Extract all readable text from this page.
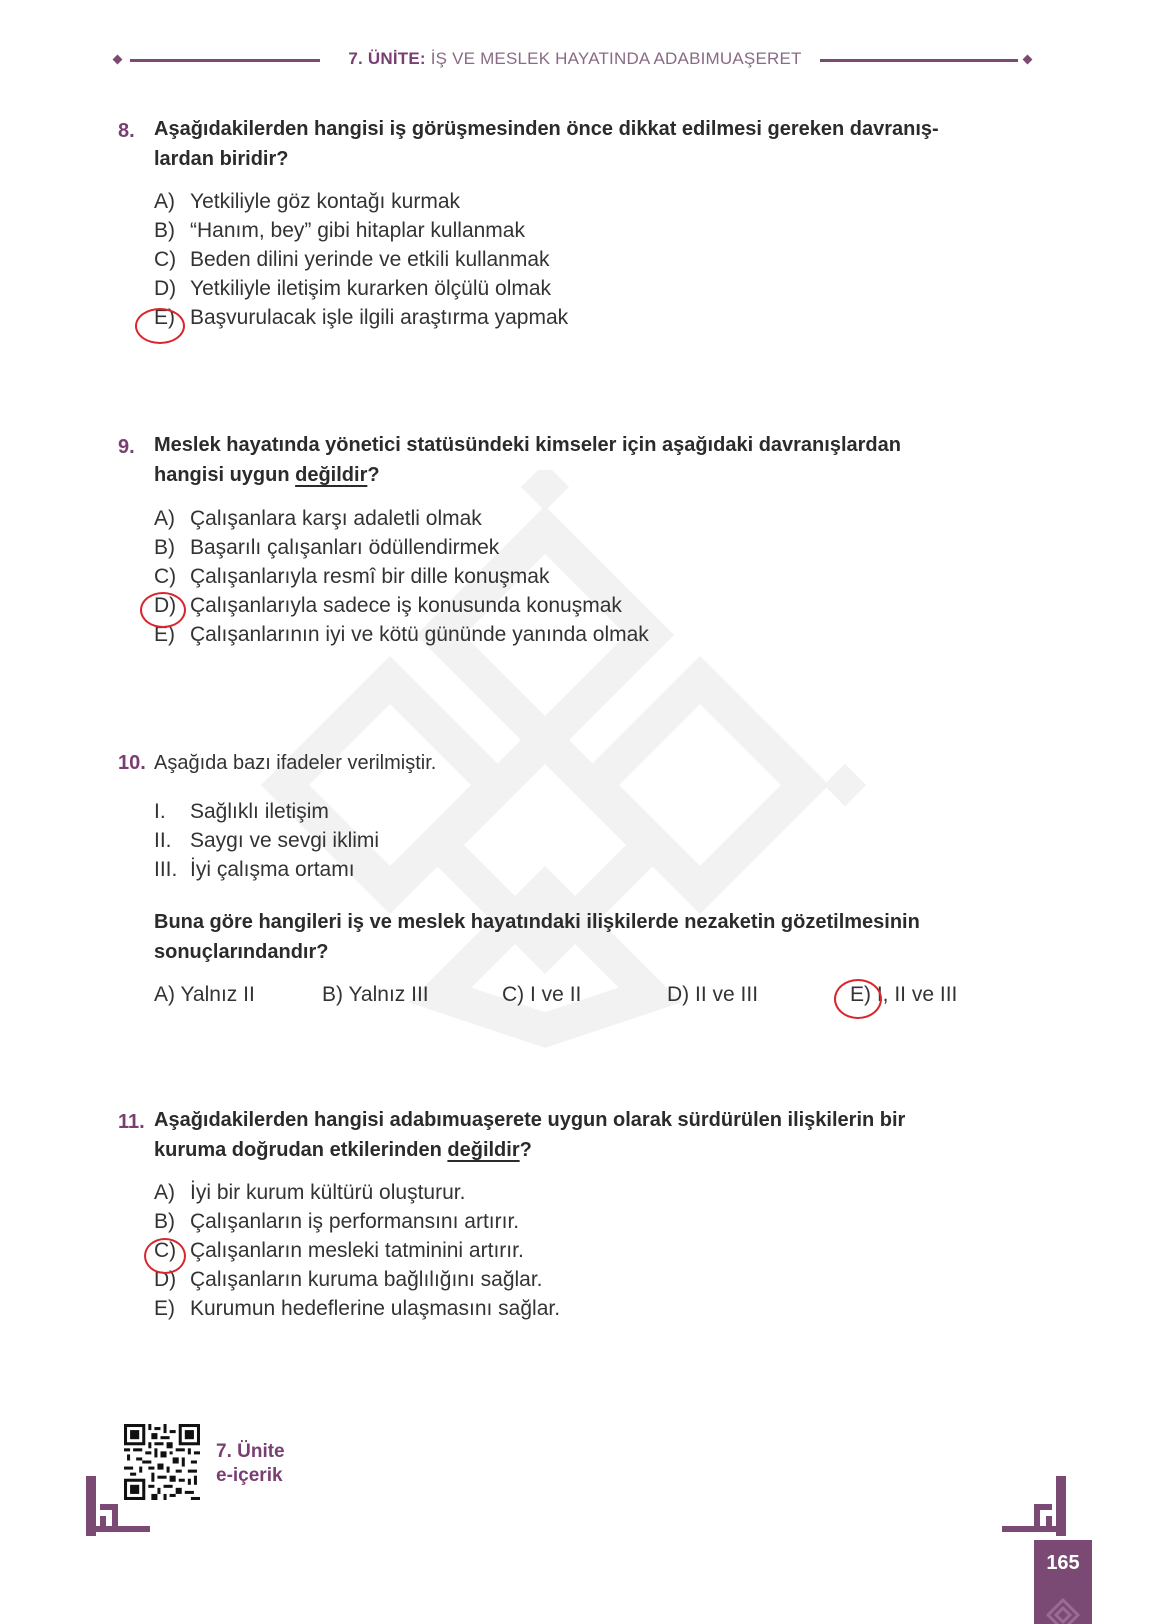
7. ÜNİTE: İŞ VE MESLEK HAYATINDA ADABIMUAŞERET
8. Aşağıdakilerden hangisi iş görüşmesinden önce dikkat edilmesi gereken davranış-
lardan biridir?
A) Yetkiliyle göz kontağı kurmak
B) “Hanım, bey” gibi hitaplar kullanmak
C) Beden dilini yerinde ve etkili kullanmak
D) Yetkiliyle iletişim kurarken ölçülü olmak
E) Başvurulacak işle ilgili araştırma yapmak
9. Meslek hayatında yönetici statüsündeki kimseler için aşağıdaki davranışlardan
hangisi uygun değildir?
A) Çalışanlara karşı adaletli olmak
B) Başarılı çalışanları ödüllendirmek
C) Çalışanlarıyla resmî bir dille konuşmak
D) Çalışanlarıyla sadece iş konusunda konuşmak
E) Çalışanlarının iyi ve kötü gününde yanında olmak
10. Aşağıda bazı ifadeler verilmiştir.
I. Sağlıklı iletişim
II. Saygı ve sevgi iklimi
III. İyi çalışma ortamı
Buna göre hangileri iş ve meslek hayatındaki ilişkilerde nezaketin gözetilmesinin
sonuçlarındandır?
A) Yalnız II	B) Yalnız III	C) I ve II	D) II ve III	E) I, II ve III
11. Aşağıdakilerden hangisi adabımuaşerete uygun olarak sürdürülen ilişkilerin bir
kuruma doğrudan etkilerinden değildir?
A) İyi bir kurum kültürü oluşturur.
B) Çalışanların iş performansını artırır.
C) Çalışanların mesleki tatminini artırır.
D) Çalışanların kuruma bağlılığını sağlar.
E) Kurumun hedeflerine ulaşmasını sağlar.
7. Ünite
e-içerik
165
